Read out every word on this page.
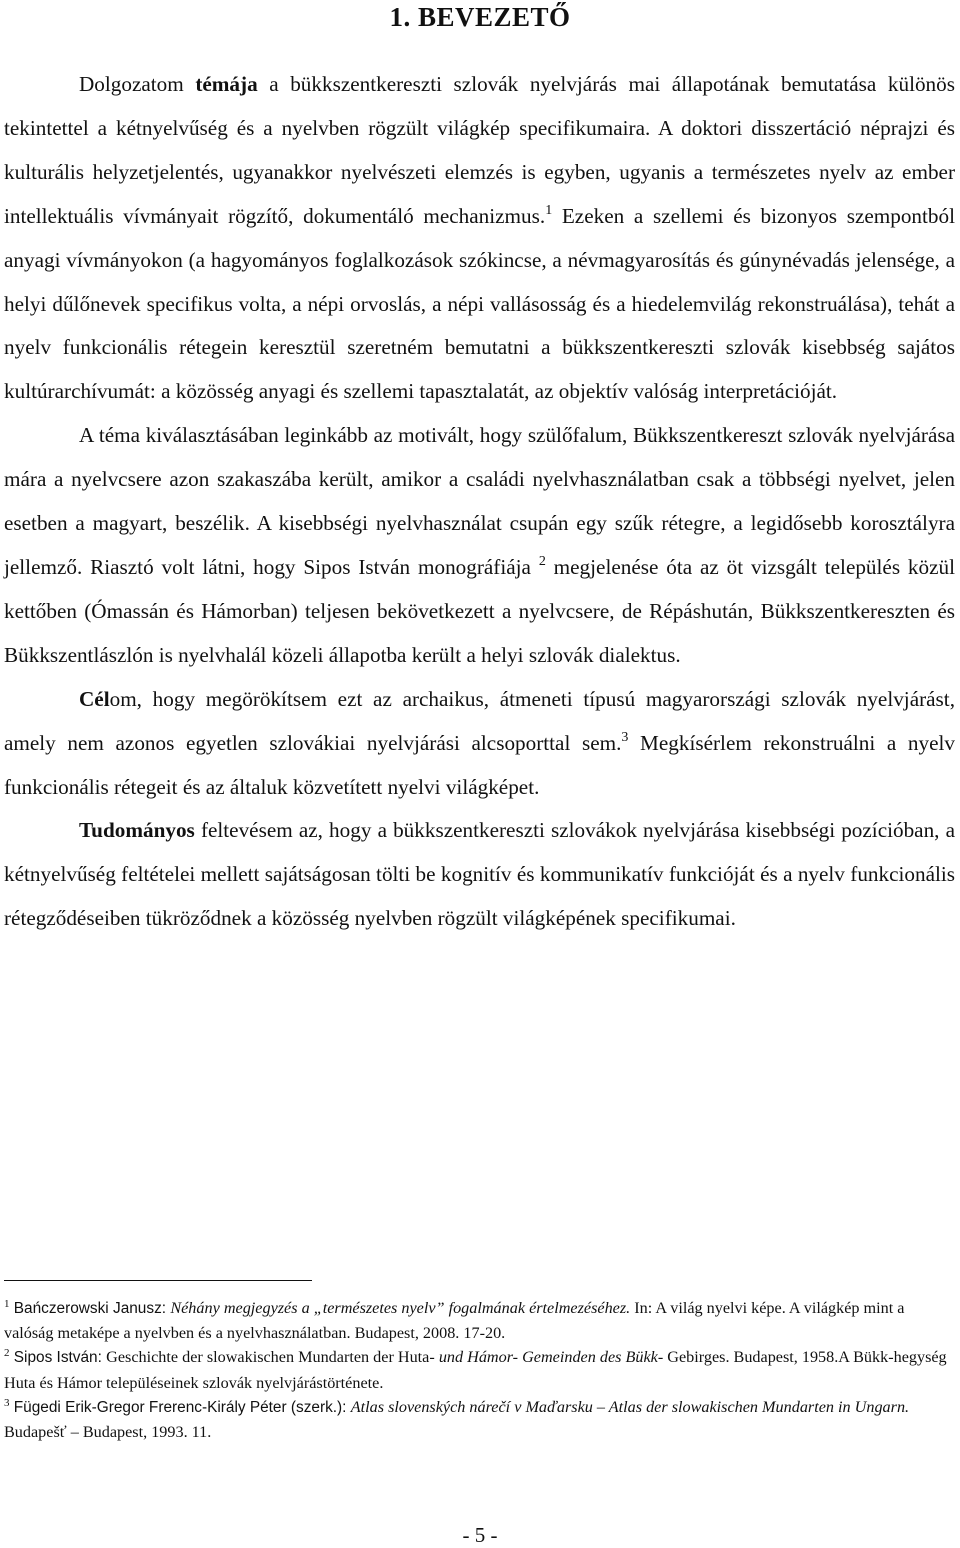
1. BEVEZETŐ

Dolgozatom témája a bükkszentkereszti szlovák nyelvjárás mai állapotának bemutatása különös tekintettel a kétnyelvűség és a nyelvben rögzült világkép specifikumaira. A doktori disszertáció néprajzi és kulturális helyzetjelentés, ugyanakkor nyelvészeti elemzés is egyben, ugyanis a természetes nyelv az ember intellektuális vívmányait rögzítő, dokumentáló mechanizmus.$^1$ Ezeken a szellemi és bizonyos szempontból anyagi vívmányokon (a hagyományos foglalkozások szókincse, a névmagyarosítás és gúnynévadás jelensége, a helyi dűlőnevek specifikus volta, a népi orvoslás, a népi vallásosság és a hiedelemvilág rekonstruálása), tehát a nyelv funkcionális rétegein keresztül szeretném bemutatni a bükkszentkereszti szlovák kisebbség sajátos kultúrarchívumát: a közösség anyagi és szellemi tapasztalatát, az objektív valóság interpretációját.

A téma kiválasztásában leginkább az motivált, hogy szülőfalum, Bükkszentkereszt szlovák nyelvjárása mára a nyelvcsere azon szakaszába került, amikor a családi nyelvhasználatban csak a többségi nyelvet, jelen esetben a magyart, beszélik. A kisebbségi nyelvhasználat csupán egy szűk rétegre, a legidősebb korosztályra jellemző. Riasztó volt látni, hogy Sipos István monográfiája $^2$ megjelenése óta az öt vizsgált település közül kettőben (Ómassán és Hámorban) teljesen bekövetkezett a nyelvcsere, de Répáshután, Bükkszentkereszten és Bükkszentlászlón is nyelvhalál közeli állapotba került a helyi szlovák dialektus.

Célom, hogy megörökítsem ezt az archaikus, átmeneti típusú magyarországi szlovák nyelvjárást, amely nem azonos egyetlen szlovákiai nyelvjárási alcsoporttal sem.$^3$ Megkísérlem rekonstruálni a nyelv funkcionális rétegeit és az általuk közvetített nyelvi világképet.

Tudományos feltevésem az, hogy a bükkszentkereszti szlovákok nyelvjárása kisebbségi pozícióban, a kétnyelvűség feltételei mellett sajátságosan tölti be kognitív és kommunikatív funkcióját és a nyelv funkcionális rétegződéseiben tükröződnek a közösség nyelvben rögzült világképének specifikumai.

$^1$ Bańczerowski Janusz: Néhány megjegyzés a „természetes nyelv” fogalmának értelmezéséhez. In: A világ nyelvi képe. A világkép mint a valóság metaképe a nyelvben és a nyelvhasználatban. Budapest, 2008. 17-20.

$^2$ Sipos István: Geschichte der slowakischen Mundarten der Huta- und Hámor- Gemeinden des Bükk- Gebirges. Budapest, 1958.A Bükk-hegység Huta és Hámor településeinek szlovák nyelvjárástörténete.

$^3$ Fügedi Erik-Gregor Frerenc-Király Péter (szerk.): Atlas slovenských nárečí v Maďarsku – Atlas der slowakischen Mundarten in Ungarn. Budapešť – Budapest, 1993. 11.

- 5 -
